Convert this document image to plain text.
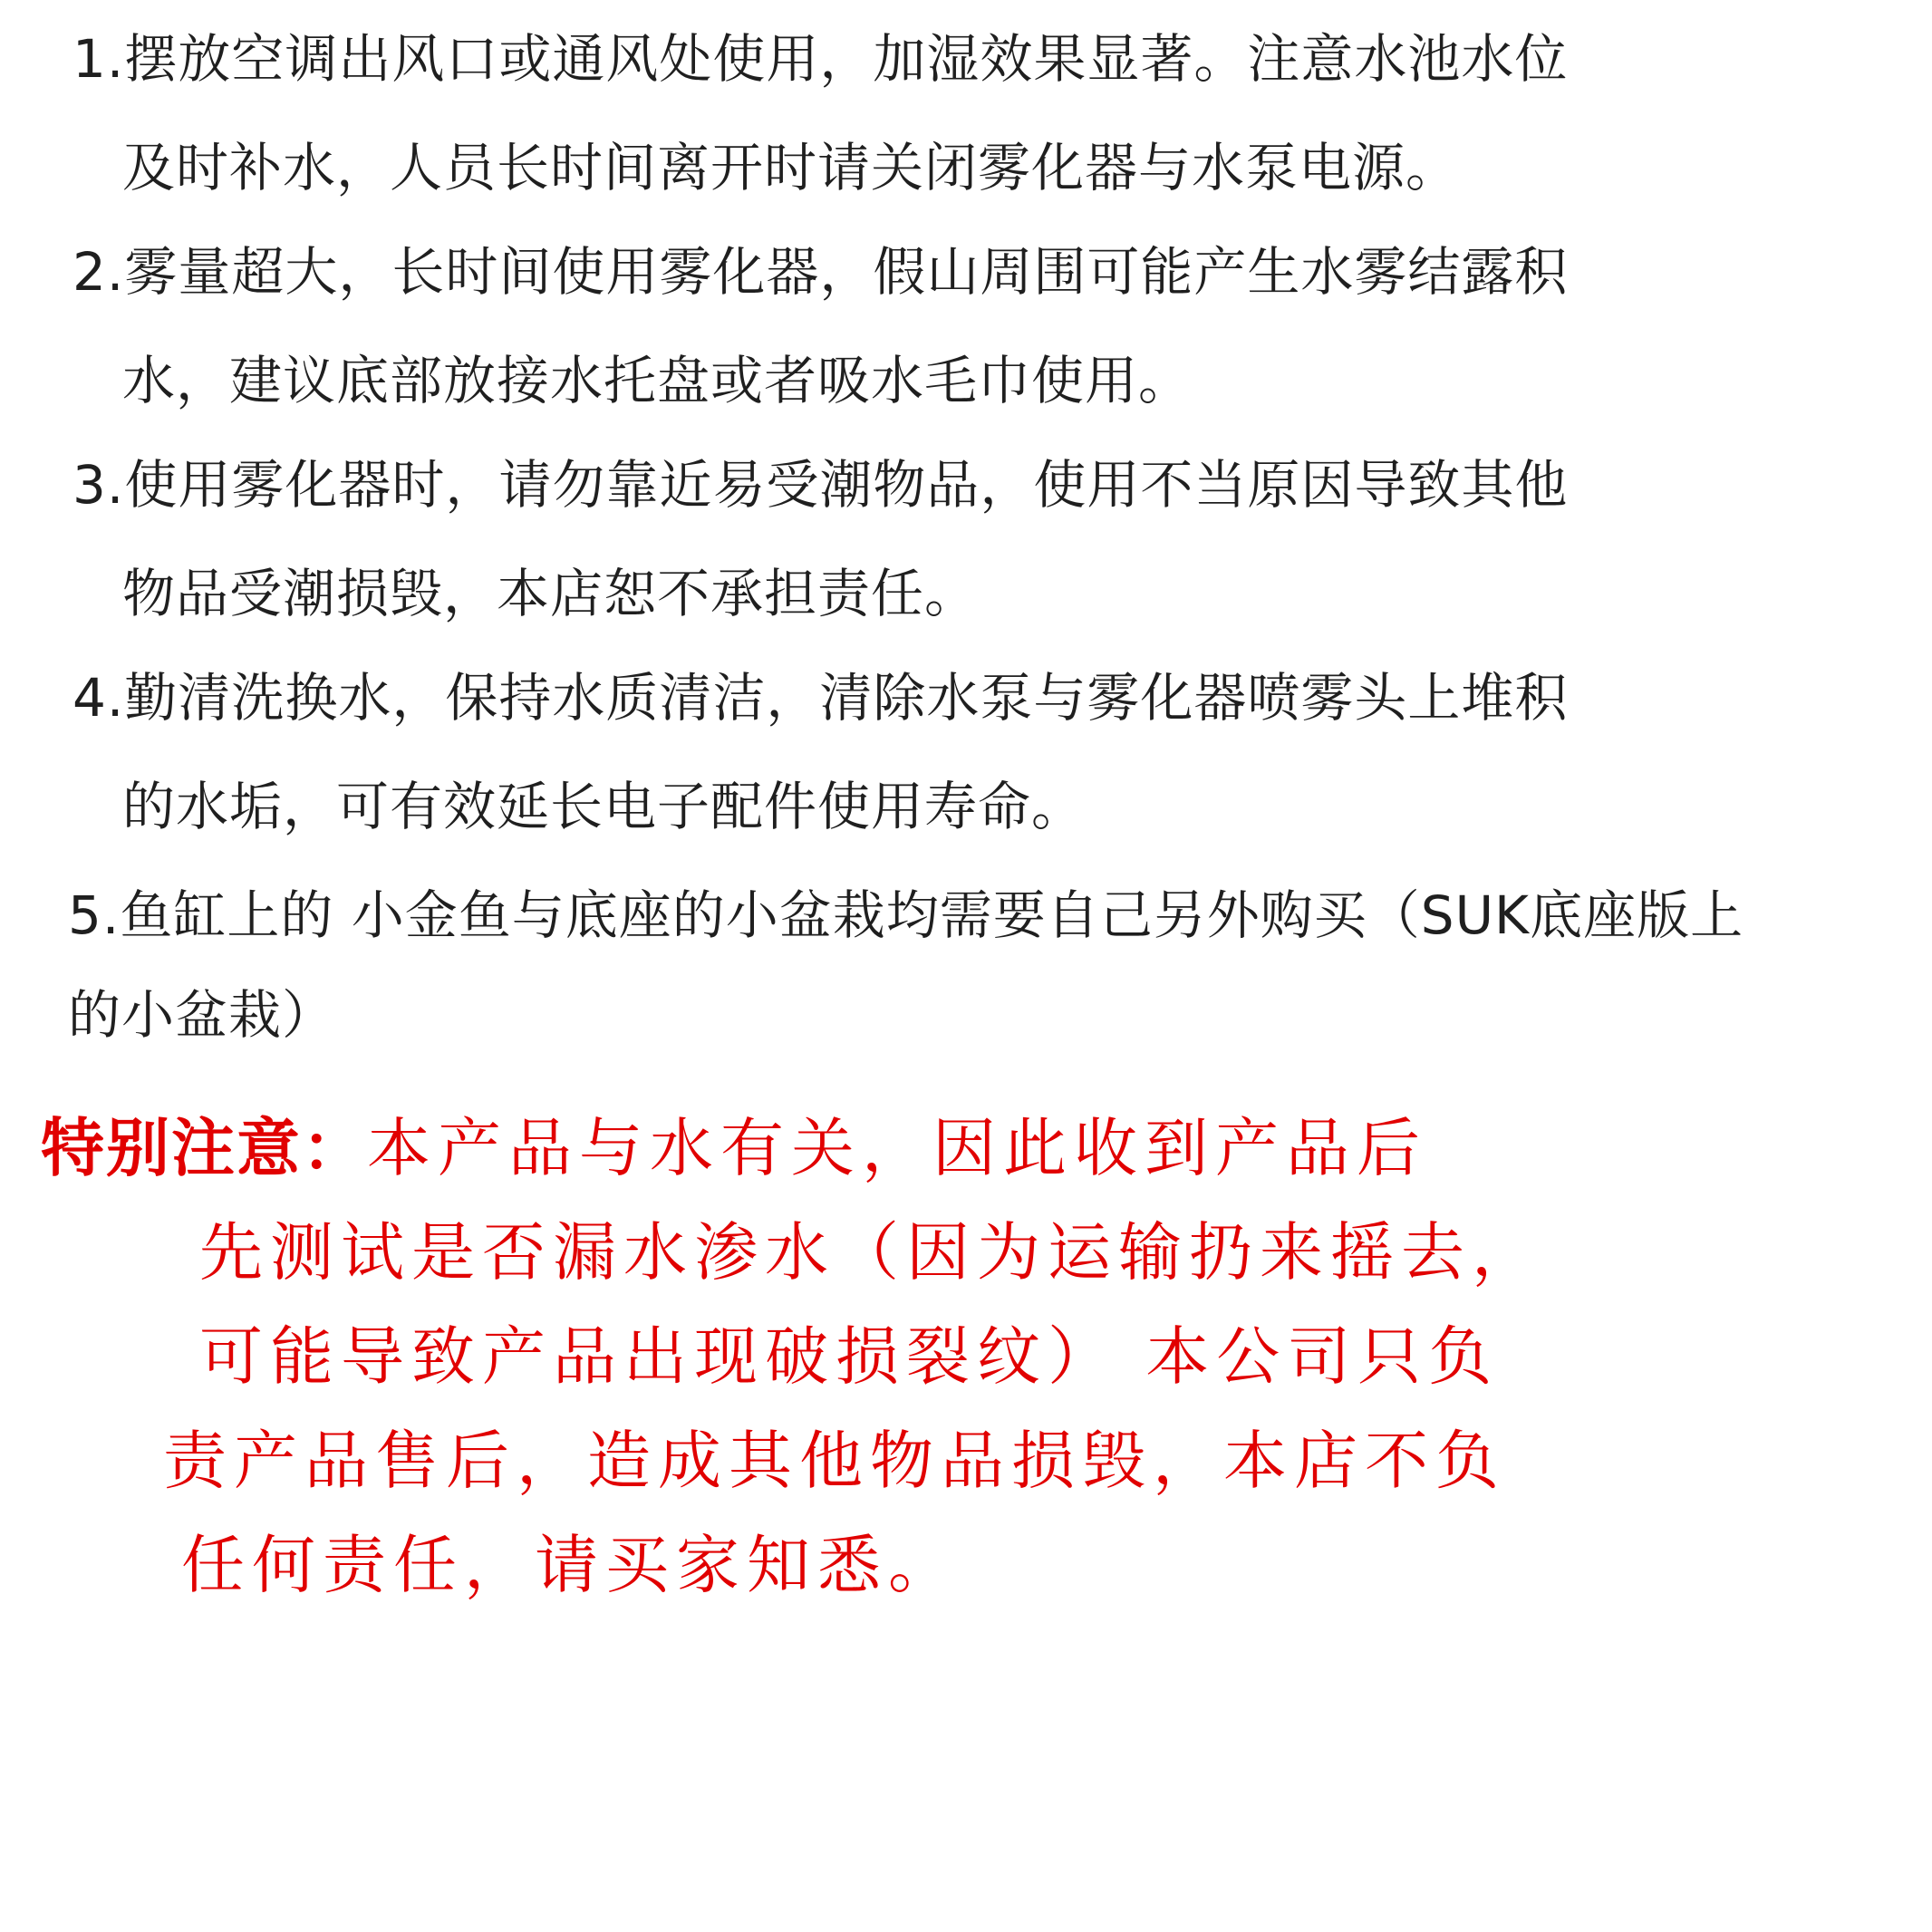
1.摆放空调出风口或通风处使用，加湿效果显著。注意水池水位
及时补水，人员长时间离开时请关闭雾化器与水泵电源。
2.雾量超大，长时间使用雾化器，假山周围可能产生水雾结露积
水，建议底部放接水托盘或者吸水毛巾使用。
3.使用雾化器时，请勿靠近易受潮物品，使用不当原因导致其他
物品受潮损毁，本店恕不承担责任。
4.勤清洗换水，保持水质清洁，清除水泵与雾化器喷雾头上堆积
的水垢，可有效延长电子配件使用寿命。
5.鱼缸上的 小金鱼与底座的小盆栽均需要自己另外购买（SUK底座版上
的小盆栽）
特别注意：本产品与水有关，因此收到产品后
先测试是否漏水渗水（因为运输扔来摇去，
可能导致产品出现破损裂纹） 本公司只负
责产品售后，造成其他物品损毁，本店不负
任何责任，请买家知悉。
